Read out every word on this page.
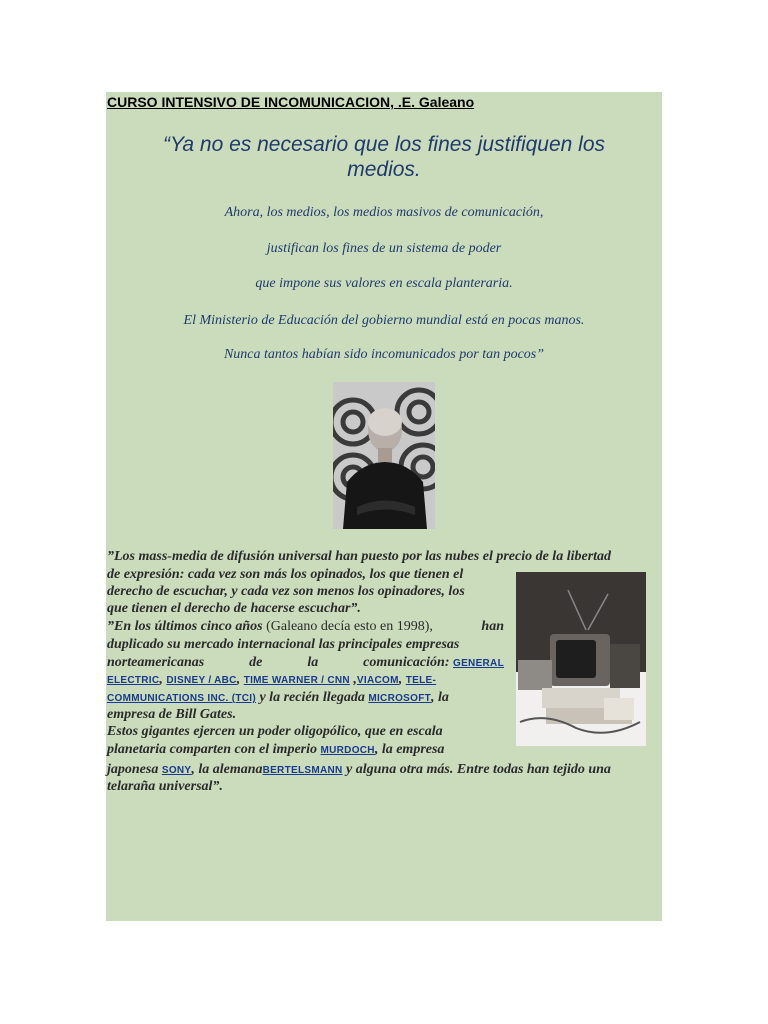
CURSO INTENSIVO DE INCOMUNICACION, .E. Galeano
“Ya no es necesario que los fines justifiquen los
medios.
Ahora, los medios, los medios masivos de comunicación,
justifican los fines de un sistema de poder
que impone sus valores en escala planteraria.
El Ministerio de Educación del gobierno mundial está en pocas manos.
Nunca tantos habían sido incomunicados por tan pocos”
”Los mass-media de difusión universal han puesto por las nubes el precio de la libertad
de expresión: cada vez son más los opinados, los que tienen el
derecho de escuchar, y cada vez son menos los opinadores, los
que tienen el derecho de hacerse escuchar”.
”En los últimos cinco años (Galeano decía esto en 1998),	han
duplicado su mercado internacional las principales empresas
norteamericanas	de	la	comunicación: GENERAL
ELECTRIC, DISNEY / ABC, TIME WARNER / CNN ,VIACOM, TELE-
COMMUNICATIONS INC. (TCI) y la recién llegada MICROSOFT, la
empresa de Bill Gates.
Estos gigantes ejercen un poder oligopólico, que en escala
planetaria comparten con el imperio MURDOCH, la empresa
japonesa SONY, la alemanaBERTELSMANN y alguna otra más. Entre todas han tejido una
telaraña universal”.
